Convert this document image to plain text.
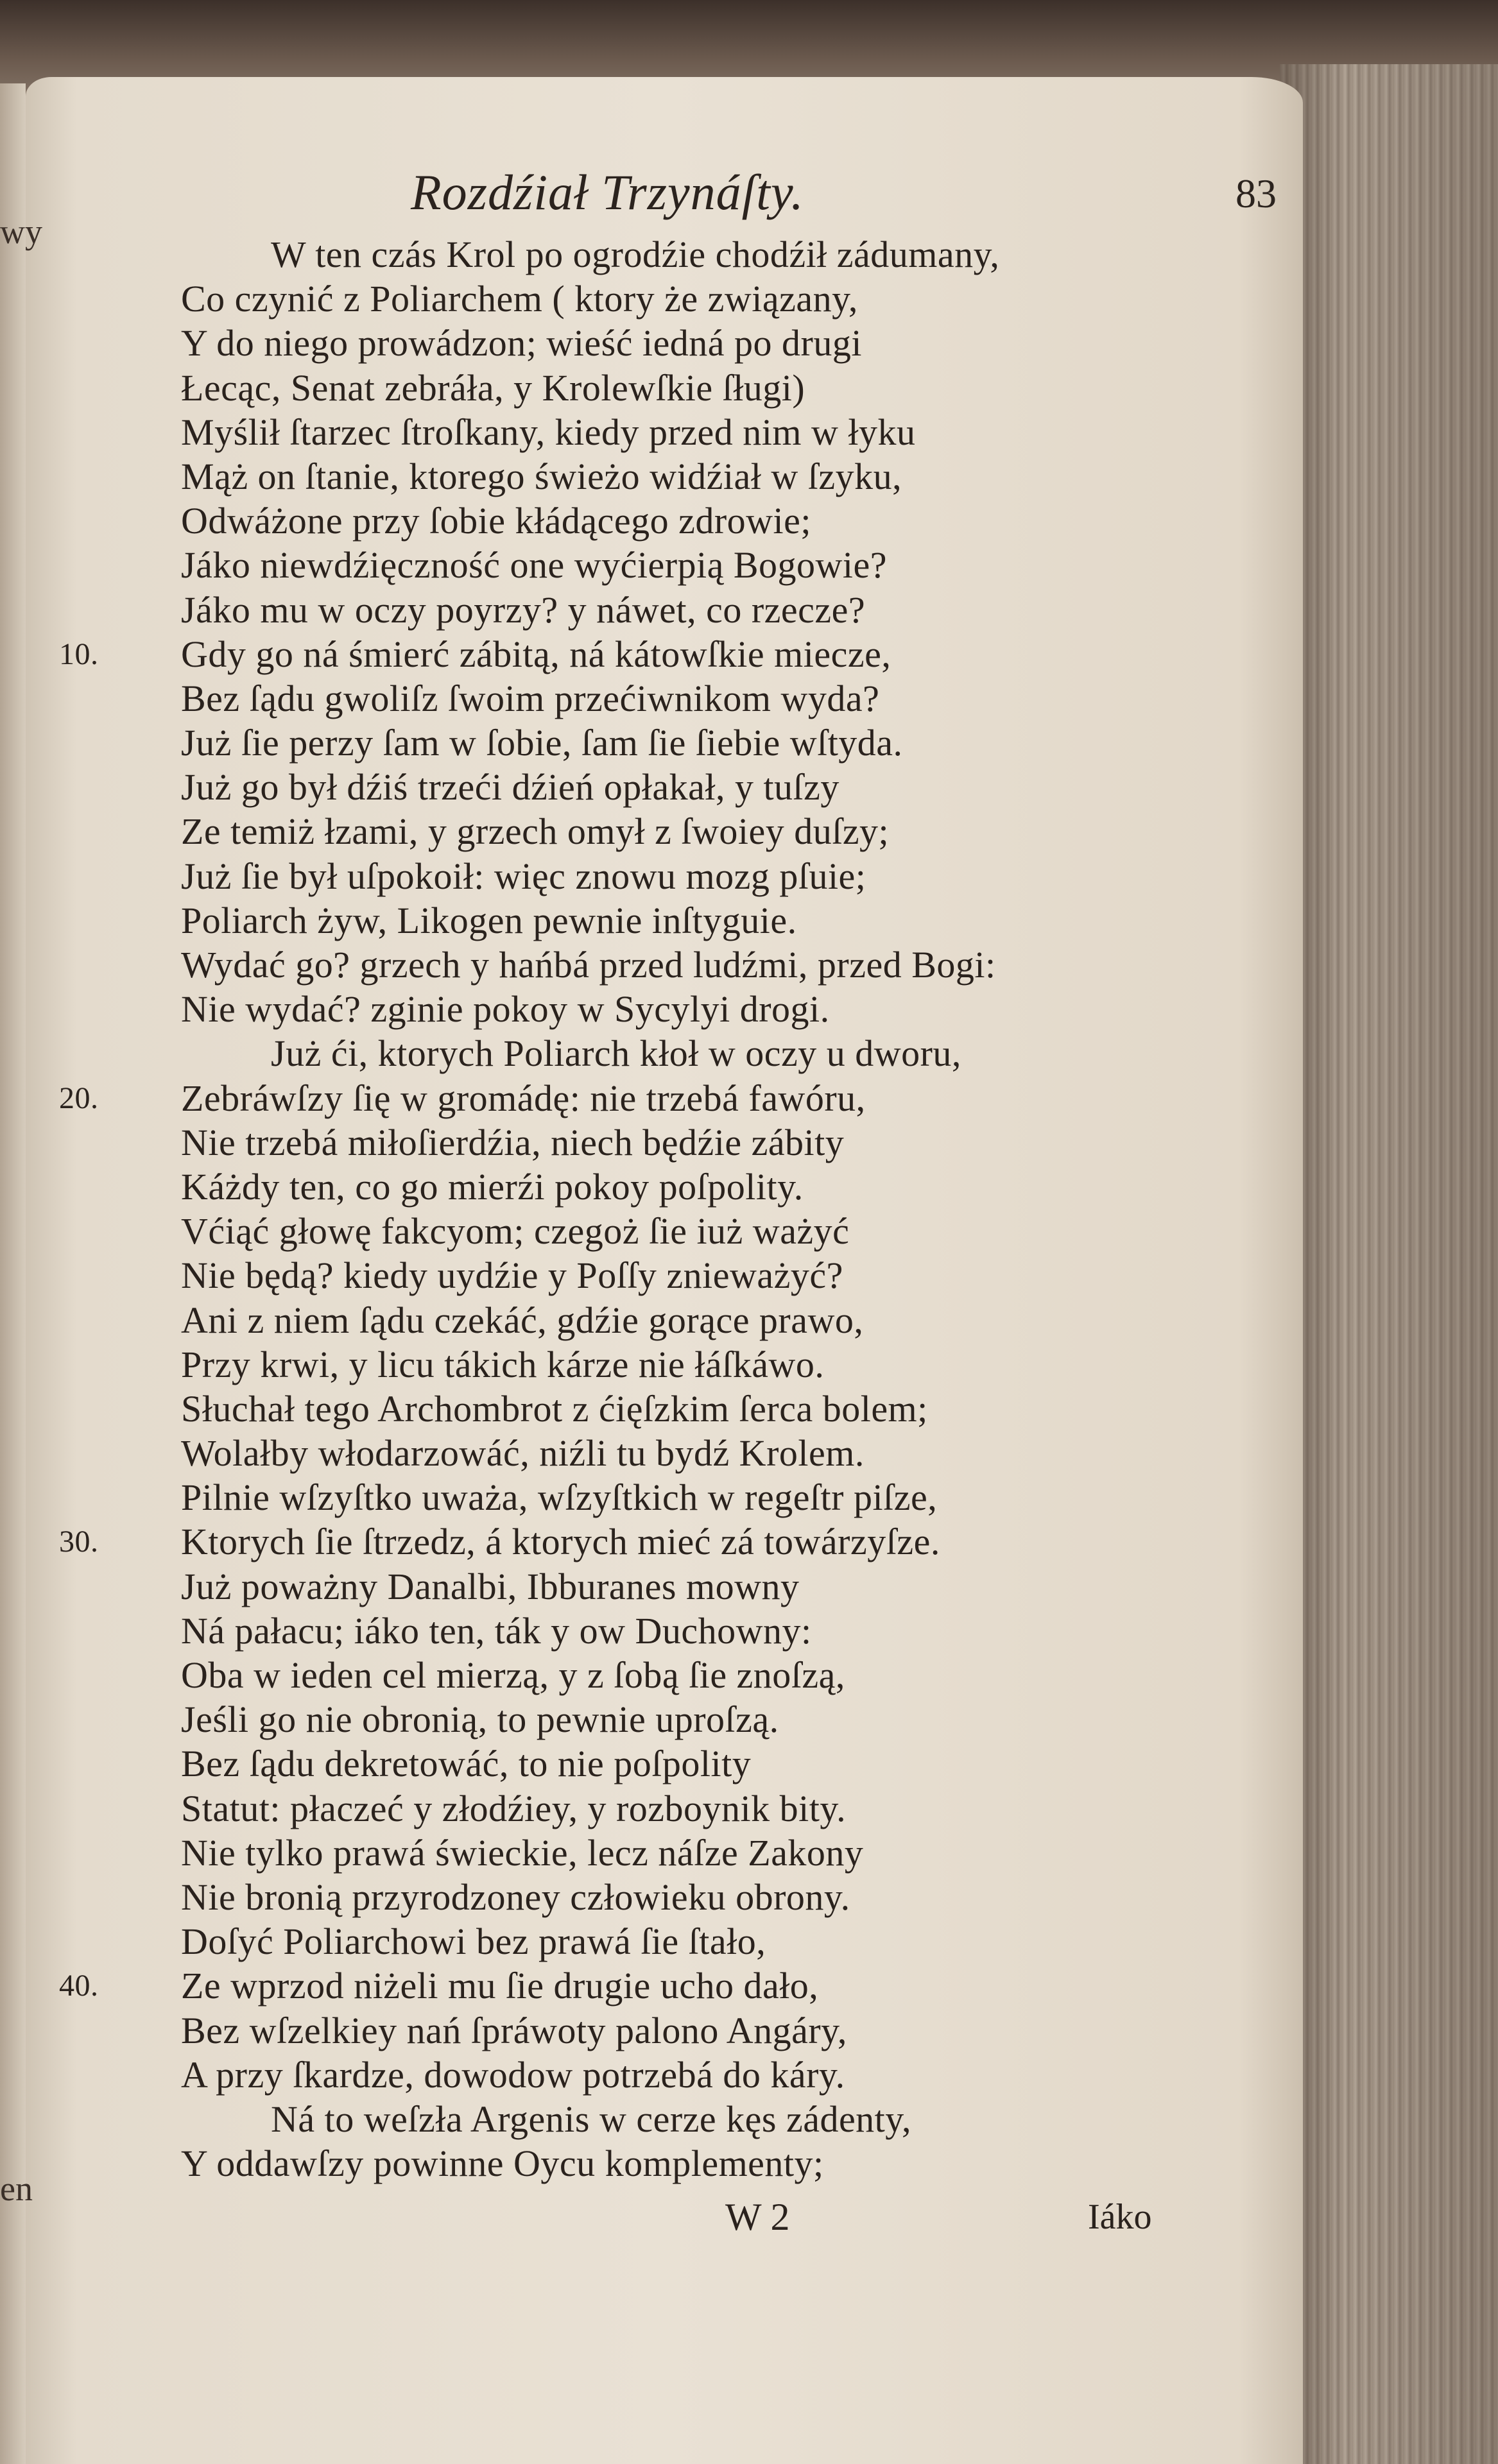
wy
en
Rozdźiał Trzynáſty.	83
W ten czás Krol po ogrodźie chodźił zádumany,
Co czynić z Poliarchem ( ktory że związany,
Y do niego prowádzon; wieść iedná po drugi
Łecąc, Senat zebráła, y Krolewſkie ſługi)
Myślił ſtarzec ſtroſkany, kiedy przed nim w łyku
Mąż on ſtanie, ktorego świeżo widźiał w ſzyku,
Odwáżone przy ſobie kłádącego zdrowie;
Jáko niewdźięczność one wyćierpią Bogowie?
Jáko mu w oczy poyrzy? y náwet, co rzecze?
10. Gdy go ná śmierć zábitą, ná kátowſkie miecze,
Bez ſądu gwoliſz ſwoim przećiwnikom wyda?
Już ſie perzy ſam w ſobie, ſam ſie ſiebie wſtyda.
Już go był dźiś trzeći dźień opłakał, y tuſzy
Ze temiż łzami, y grzech omył z ſwoiey duſzy;
Już ſie był uſpokoił: więc znowu mozg pſuie;
Poliarch żyw, Likogen pewnie inſtyguie.
Wydać go? grzech y hańbá przed ludźmi, przed Bogi:
Nie wydać? zginie pokoy w Sycylyi drogi.
Już ći, ktorych Poliarch kłoł w oczy u dworu,
20. Zebráwſzy ſię w gromádę: nie trzebá fawóru,
Nie trzebá miłoſierdźia, niech będźie zábity
Káżdy ten, co go mierźi pokoy poſpolity.
Vćiąć głowę fakcyom; czegoż ſie iuż ważyć
Nie będą? kiedy uydźie y Poſſy znieważyć?
Ani z niem ſądu czekáć, gdźie gorące prawo,
Przy krwi, y licu tákich kárze nie łáſkáwo.
Słuchał tego Archombrot z ćięſzkim ſerca bolem;
Wolałby włodarzowáć, niźli tu bydź Krolem.
Pilnie wſzyſtko uważa, wſzyſtkich w regeſtr piſze,
30. Ktorych ſie ſtrzedz, á ktorych mieć zá towárzyſze.
Już poważny Danalbi, Ibburanes mowny
Ná pałacu; iáko ten, ták y ow Duchowny:
Oba w ieden cel mierzą, y z ſobą ſie znoſzą,
Jeśli go nie obronią, to pewnie uproſzą.
Bez ſądu dekretowáć, to nie poſpolity
Statut: płaczeć y złodźiey, y rozboynik bity.
Nie tylko prawá świeckie, lecz náſze Zakony
Nie bronią przyrodzoney człowieku obrony.
Doſyć Poliarchowi bez prawá ſie ſtało,
40. Ze wprzod niżeli mu ſie drugie ucho dało,
Bez wſzelkiey nań ſpráwoty palono Angáry,
A przy ſkardze, dowodow potrzebá do káry.
Ná to weſzła Argenis w cerze kęs zádenty,
Y oddawſzy powinne Oycu komplementy;
W 2	Iáko
